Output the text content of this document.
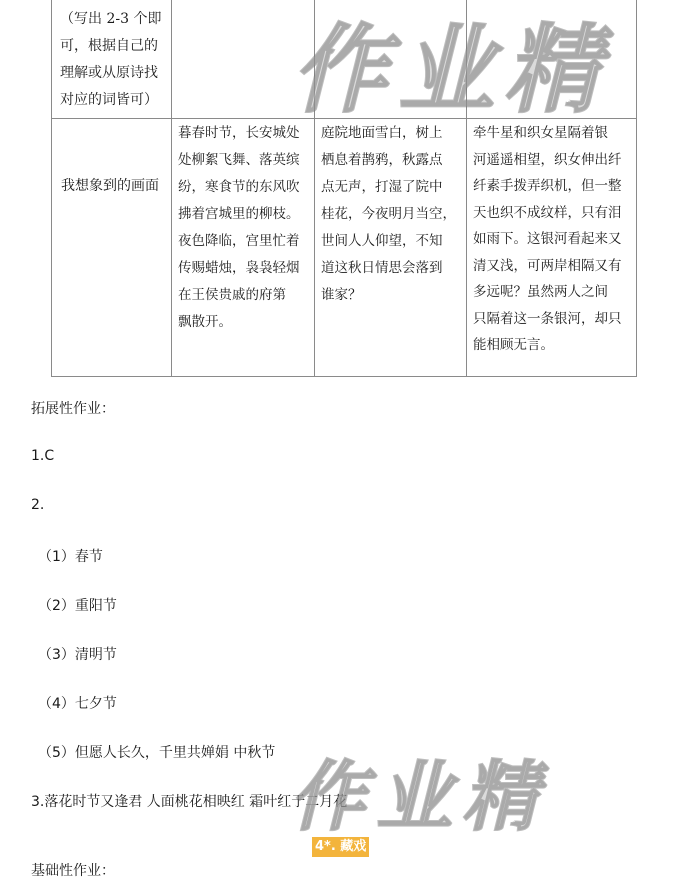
（写出 2-3 个即

可，根据自己的

理解或从原诗找

对应的词皆可）

我想象到的画面

暮春时节，长安城处

处柳絮飞舞、落英缤

纷，寒食节的东风吹

拂着宫城里的柳枝。

夜色降临，宫里忙着

传赐蜡烛，袅袅轻烟

在王侯贵戚的府第

飘散开。

庭院地面雪白，树上

栖息着鹊鸦，秋露点

点无声，打湿了院中

桂花，今夜明月当空，

世间人人仰望，不知

道这秋日情思会落到

谁家？

牵牛星和织女星隔着银

河遥遥相望，织女伸出纤

纤素手拨弄织机，但一整

天也织不成纹样，只有泪

如雨下。这银河看起来又

清又浅，可两岸相隔又有

多远呢？虽然两人之间

只隔着这一条银河，却只

能相顾无言。

拓展性作业：
1.C
2.
（1）春节
（2）重阳节
（3）清明节
（4）七夕节
（5）但愿人长久，千里共婵娟 中秋节
3.落花时节又逢君 人面桃花相映红 霜叶红于二月花
4*. 藏戏
基础性作业：
作业精
作业精
